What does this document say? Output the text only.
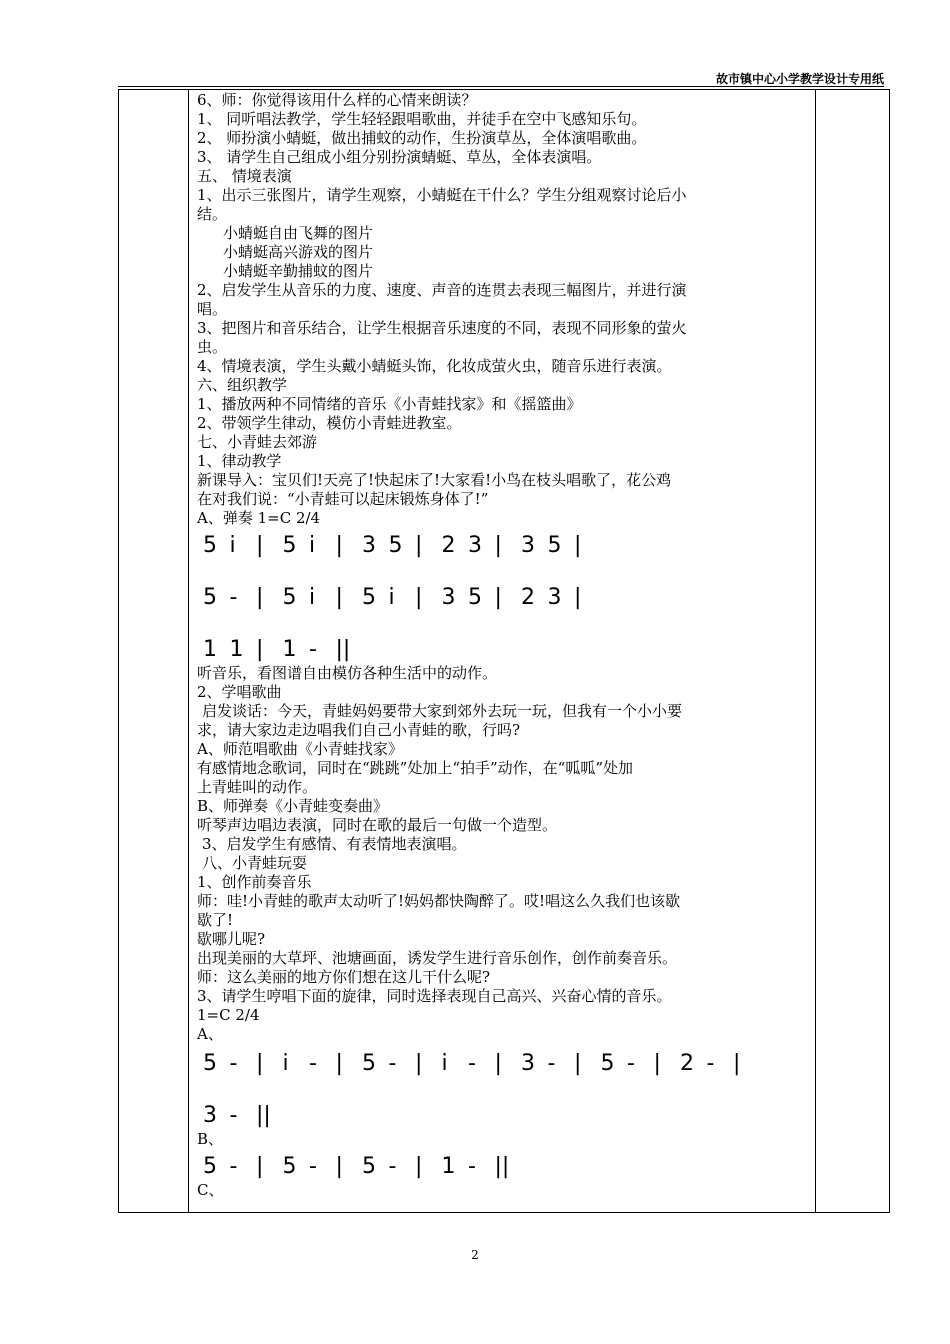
故市镇中心小学教学设计专用纸
6、师：你觉得该用什么样的心情来朗读？
1、 同听唱法教学，学生轻轻跟唱歌曲，并徒手在空中飞感知乐句。
2、 师扮演小蜻蜓，做出捕蚊的动作，生扮演草丛，全体演唱歌曲。
3、 请学生自己组成小组分别扮演蜻蜓、草丛，全体表演唱。
五、 情境表演
1、出示三张图片，请学生观察，小蜻蜓在干什么？学生分组观察讨论后小
结。
小蜻蜓自由飞舞的图片
小蜻蜓高兴游戏的图片
小蜻蜓辛勤捕蚊的图片
2、启发学生从音乐的力度、速度、声音的连贯去表现三幅图片，并进行演
唱。
3、把图片和音乐结合，让学生根据音乐速度的不同，表现不同形象的萤火
虫。
4、情境表演，学生头戴小蜻蜓头饰，化妆成萤火虫，随音乐进行表演。
六、组织教学
1、播放两种不同情绪的音乐《小青蛙找家》和《摇篮曲》
2、带领学生律动，模仿小青蛙进教室。
七、小青蛙去郊游
1、律动教学
新课导入：宝贝们!天亮了!快起床了!大家看!小鸟在枝头唱歌了，花公鸡
在对我们说：“小青蛙可以起床锻炼身体了!”
A、弹奏 1=C 2/4
5 i | 5 i | 3 5 | 2 3 | 3 5 |
5 - | 5 i | 5 i | 3 5 | 2 3 |
1 1 | 1 - ||
听音乐，看图谱自由模仿各种生活中的动作。
2、学唱歌曲
启发谈话：今天，青蛙妈妈要带大家到郊外去玩一玩，但我有一个小小要
求，请大家边走边唱我们自己小青蛙的歌，行吗?
A、师范唱歌曲《小青蛙找家》
有感情地念歌词，同时在“跳跳”处加上“拍手”动作，在“呱呱”处加
上青蛙叫的动作。
B、师弹奏《小青蛙变奏曲》
听琴声边唱边表演，同时在歌的最后一句做一个造型。
3、启发学生有感情、有表情地表演唱。
八、小青蛙玩耍
1、创作前奏音乐
师：哇!小青蛙的歌声太动听了!妈妈都快陶醉了。哎!唱这么久我们也该歇
歇了!
歇哪儿呢?
出现美丽的大草坪、池塘画面，诱发学生进行音乐创作，创作前奏音乐。
师：这么美丽的地方你们想在这儿干什么呢?
3、请学生哼唱下面的旋律，同时选择表现自己高兴、兴奋心情的音乐。
1=C 2/4
A、
5 - | i - | 5 - | i - | 3 - | 5 - | 2 - |
3 - ||
B、
5 - | 5 - | 5 - | 1 - ||
C、
2
